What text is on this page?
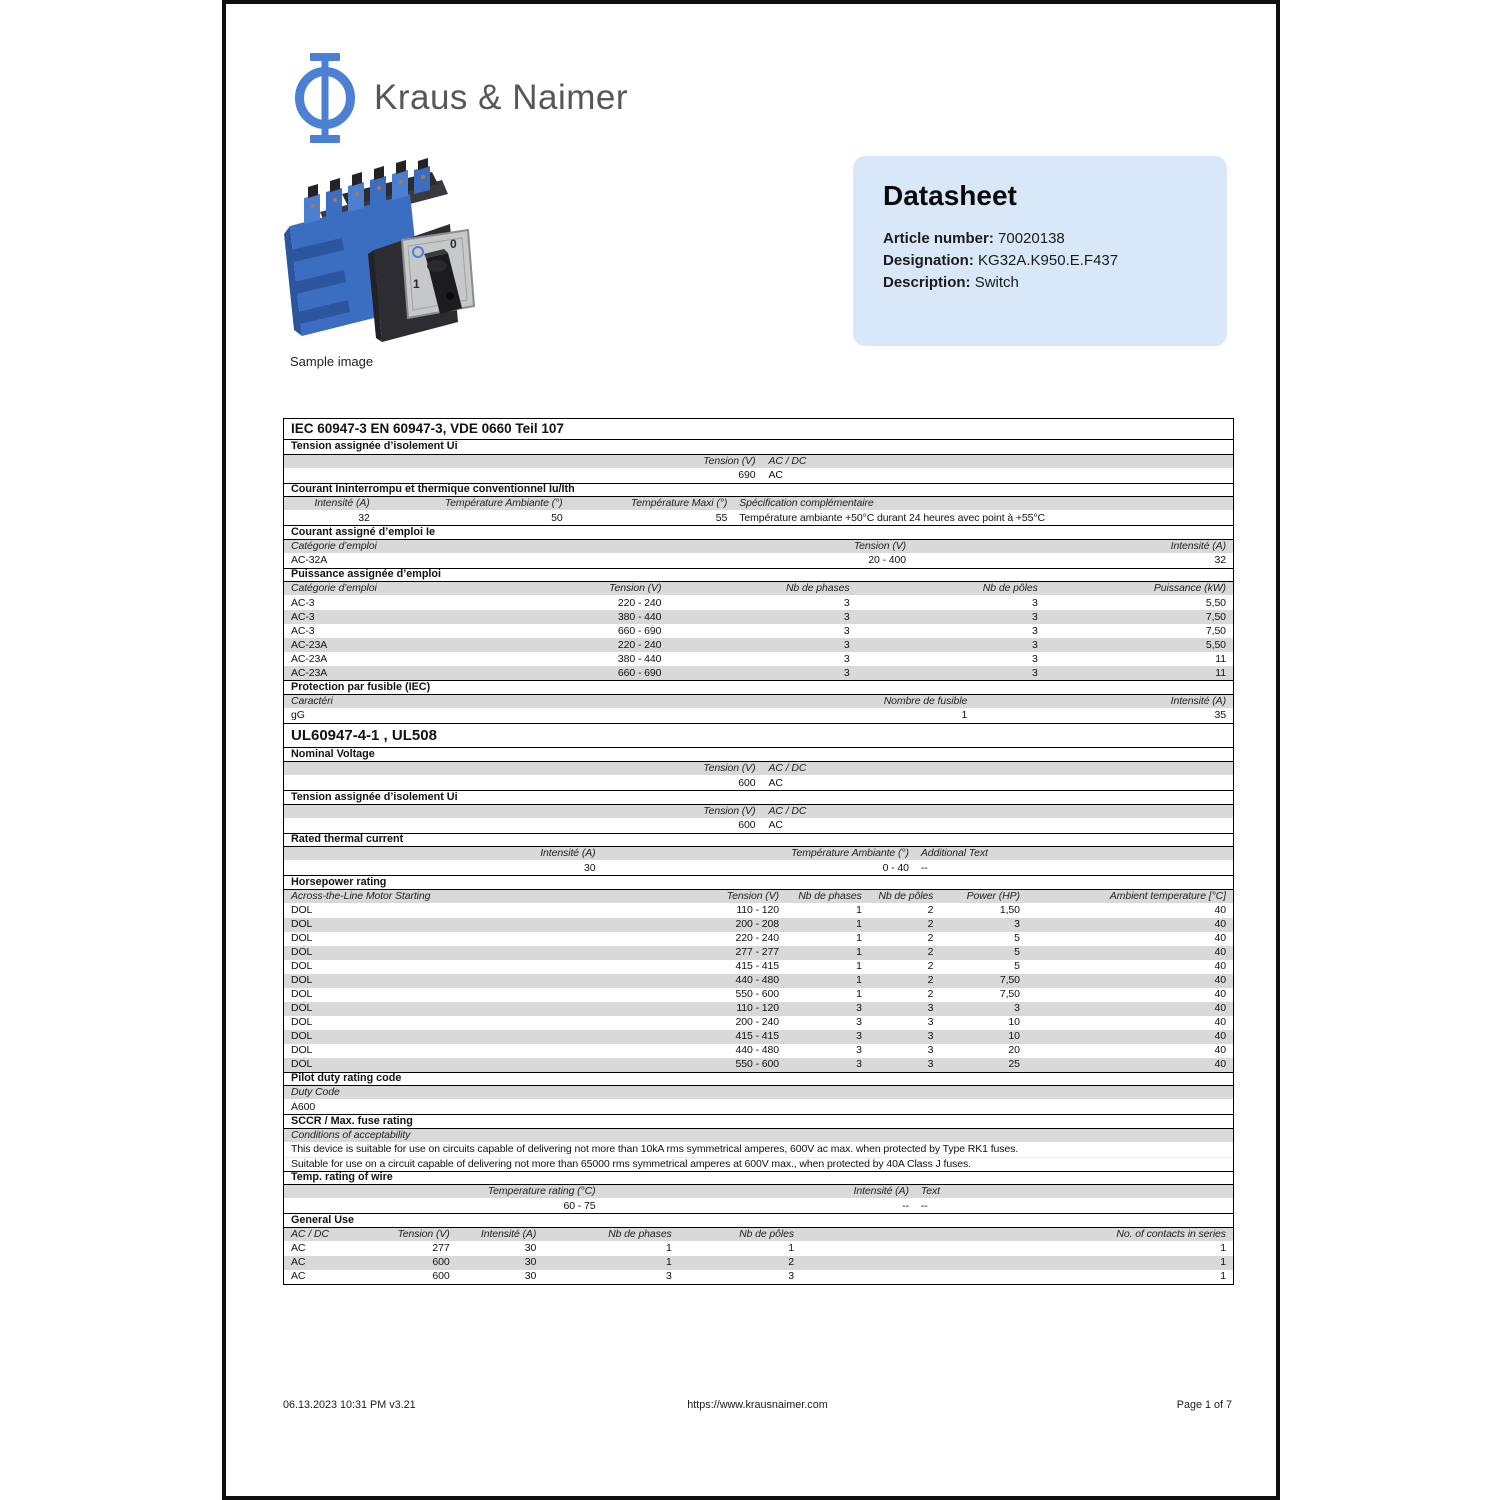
Kraus & Naimer
0
1
Sample image
Datasheet
Article number: 70020138
Designation: KG32A.K950.E.F437
Description: Switch
IEC 60947-3 EN 60947-3, VDE 0660 Teil 107
Tension assignée d’isolement Ui
Tension (V)	AC / DC
690	AC
Courant Ininterrompu et thermique conventionnel Iu/Ith
Intensité (A)	Température Ambiante (°)	Température Maxi (°)	Spécification complémentaire
32	50	55	Température ambiante +50°C durant 24 heures avec point à +55°C
Courant assigné d’emploi Ie
Catégorie d’emploi	Tension (V)	Intensité (A)
AC-32A	20 - 400	32
Puissance assignée d’emploi
Catégorie d’emploi	Tension (V)	Nb de phases	Nb de pôles	Puissance (kW)
AC-3	220 - 240	3	3	5,50
AC-3	380 - 440	3	3	7,50
AC-3	660 - 690	3	3	7,50
AC-23A	220 - 240	3	3	5,50
AC-23A	380 - 440	3	3	11
AC-23A	660 - 690	3	3	11
Protection par fusible (IEC)
Caractéri	Nombre de fusible	Intensité (A)
gG	1	35
UL60947-4-1 , UL508
Nominal Voltage
Tension (V)	AC / DC
600	AC
Tension assignée d’isolement Ui
Tension (V)	AC / DC
600	AC
Rated thermal current
Intensité (A)	Température Ambiante (°)	Additional Text
30	0 - 40	--
Horsepower rating
Across-the-Line Motor Starting	Tension (V)	Nb de phases	Nb de pôles	Power (HP)	Ambient temperature [°C]
DOL	110 - 120	1	2	1,50	40
DOL	200 - 208	1	2	3	40
DOL	220 - 240	1	2	5	40
DOL	277 - 277	1	2	5	40
DOL	415 - 415	1	2	5	40
DOL	440 - 480	1	2	7,50	40
DOL	550 - 600	1	2	7,50	40
DOL	110 - 120	3	3	3	40
DOL	200 - 240	3	3	10	40
DOL	415 - 415	3	3	10	40
DOL	440 - 480	3	3	20	40
DOL	550 - 600	3	3	25	40
Pilot duty rating code
Duty Code
A600
SCCR / Max. fuse rating
Conditions of acceptability
This device is suitable for use on circuits capable of delivering not more than 10kA rms symmetrical amperes, 600V ac max. when protected by Type RK1 fuses.
Suitable for use on a circuit capable of delivering not more than 65000 rms symmetrical amperes at 600V max., when protected by 40A Class J fuses.
Temp. rating of wire
Temperature rating (°C)	Intensité (A)	Text
60 - 75	--	--
General Use
AC / DC	Tension (V)	Intensité (A)	Nb de phases	Nb de pôles	No. of contacts in series
AC	277	30	1	1	1
AC	600	30	1	2	1
AC	600	30	3	3	1
06.13.2023 10:31 PM v3.21	https://www.krausnaimer.com	Page 1 of 7
